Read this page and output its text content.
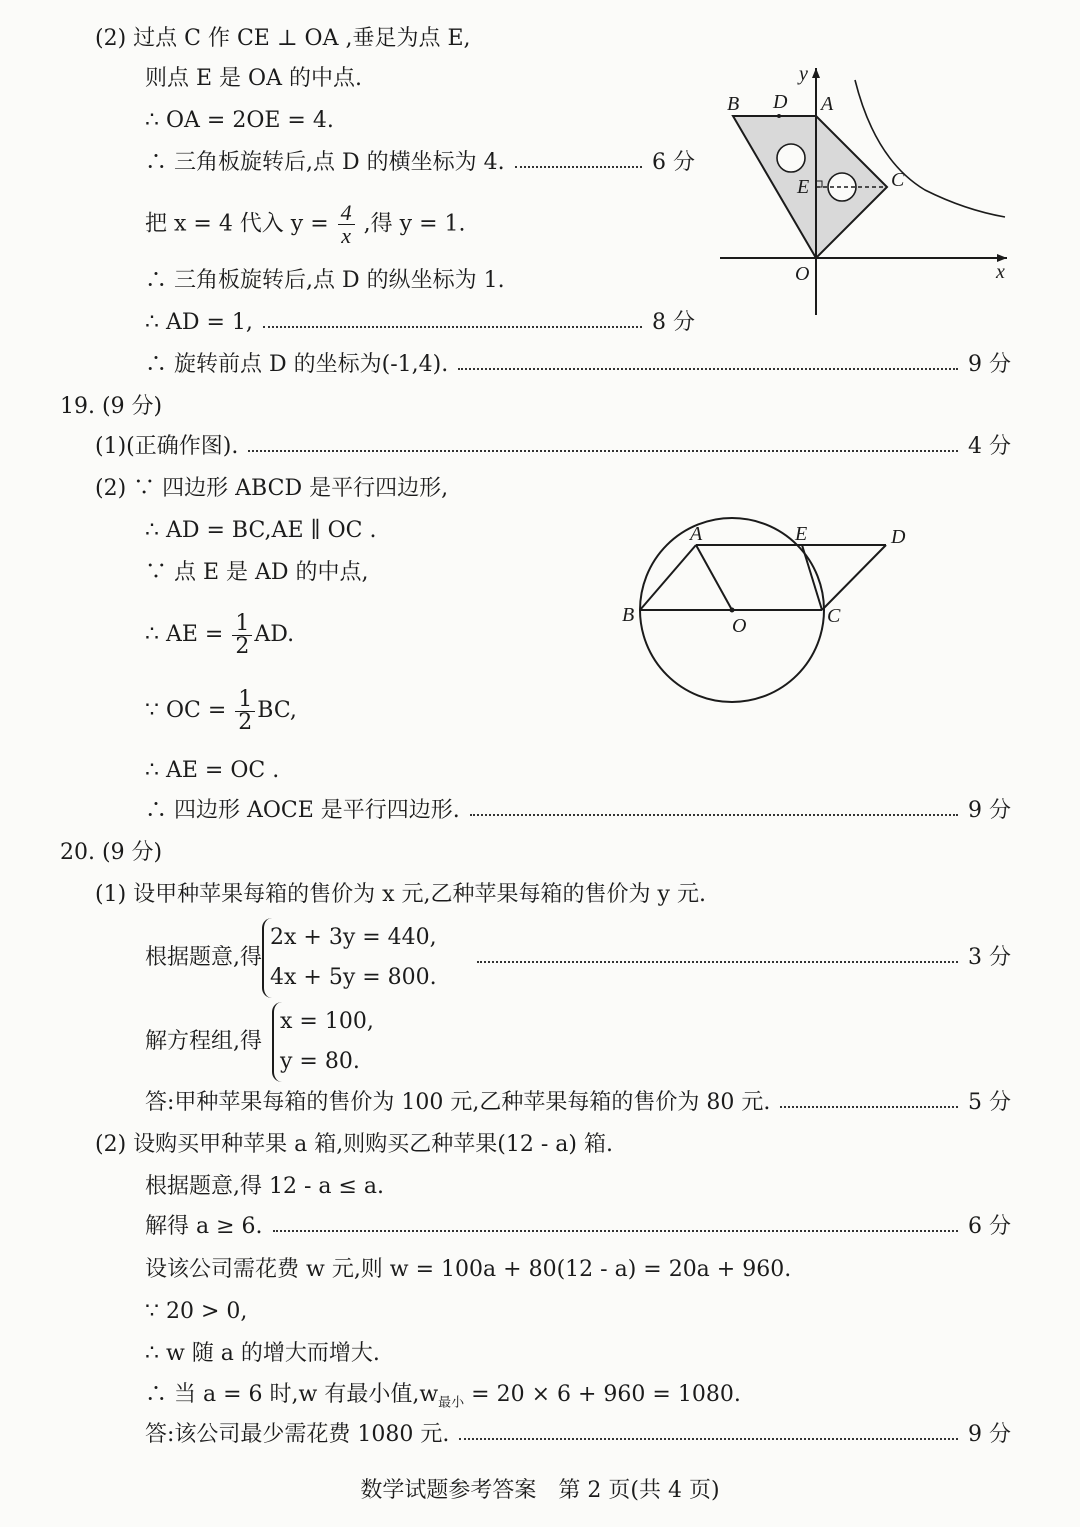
(2) 过点 C 作 CE ⊥ OA ,垂足为点 E,
则点 E 是 OA 的中点.
∴ OA = 2OE = 4.
∴ 三角板旋转后,点 D 的横坐标为 4.	6 分
把 x = 4 代入 $y = \frac{4}{x}$ ,得 y = 1.
∴ 三角板旋转后,点 D 的纵坐标为 1.
∴ AD = 1,	8 分
∴ 旋转前点 D 的坐标为(-1,4).	9 分
B D A
y
E	C
O	x
19. (9 分)
(1)(正确作图).	4 分
(2) ∵ 四边形 ABCD 是平行四边形,
∴ AD = BC,AE ∥ OC .
∵ 点 E 是 AD 的中点,
∴ AE = $\frac{1}{2}$ AD.
∵ OC = $\frac{1}{2}$ BC,
∴ AE = OC .
∴ 四边形 AOCE 是平行四边形.	9 分
A	E	D
B	O	C
20. (9 分)
(1) 设甲种苹果每箱的售价为 x 元,乙种苹果每箱的售价为 y 元.
根据题意,得
2x + 3y = 440,
4x + 5y = 800.
3 分
解方程组,得
x = 100,
y = 80.
答:甲种苹果每箱的售价为 100 元,乙种苹果每箱的售价为 80 元.	5 分
(2) 设购买甲种苹果 a 箱,则购买乙种苹果(12 - a) 箱.
根据题意,得 12 - a ≤ a.
解得 a ≥ 6.	6 分
设该公司需花费 w 元,则 w = 100a + 80(12 - a) = 20a + 960.
∵ 20 > 0,
∴ w 随 a 的增大而增大.
∴ 当 a = 6 时,w 有最小值$,w_{最小} = 20 \times 6 + 960 = 1080$.
答:该公司最少需花费 1080 元.	9 分
数学试题参考答案　第 2 页(共 4 页)
